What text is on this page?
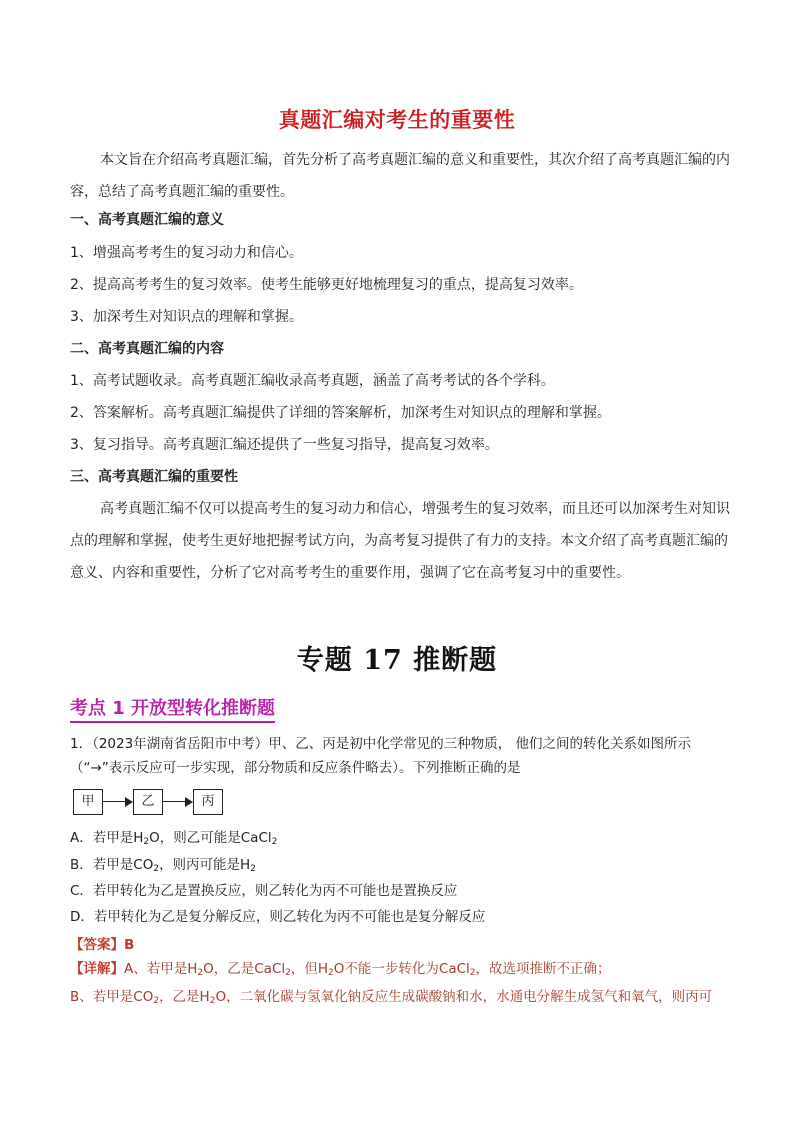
真题汇编对考生的重要性

本文旨在介绍高考真题汇编，首先分析了高考真题汇编的意义和重要性，其次介绍了高考真题汇编的内容，总结了高考真题汇编的重要性。

一、高考真题汇编的意义

1、增强高考考生的复习动力和信心。

2、提高高考考生的复习效率。使考生能够更好地梳理复习的重点，提高复习效率。

3、加深考生对知识点的理解和掌握。

二、高考真题汇编的内容

1、高考试题收录。高考真题汇编收录高考真题，涵盖了高考考试的各个学科。

2、答案解析。高考真题汇编提供了详细的答案解析，加深考生对知识点的理解和掌握。

3、复习指导。高考真题汇编还提供了一些复习指导，提高复习效率。

三、高考真题汇编的重要性

高考真题汇编不仅可以提高考生的复习动力和信心，增强考生的复习效率，而且还可以加深考生对知识点的理解和掌握，使考生更好地把握考试方向，为高考复习提供了有力的支持。本文介绍了高考真题汇编的意义、内容和重要性，分析了它对高考考生的重要作用，强调了它在高考复习中的重要性。

专题 17 推断题
考点 1 开放型转化推断题
1．（2023年湖南省岳阳市中考）甲、乙、丙是初中化学常见的三种物质， 他们之间的转化关系如图所示
（“→”表示反应可一步实现，部分物质和反应条件略去）。下列推断正确的是
甲	乙	丙
A．若甲是$H_2O$，则乙可能是CaCl$_2$
B．若甲是$CO_2$，则丙可能是$H_2$
C．若甲转化为乙是置换反应，则乙转化为丙不可能也是置换反应
D．若甲转化为乙是复分解反应，则乙转化为丙不可能也是复分解反应
【答案】B
【详解】A、若甲是$H_2O$，乙是CaCl$_2$，但$H_2O$不能一步转化为CaCl$_2$，故选项推断不正确；
B、若甲是$CO_2$，乙是$H_2O$，二氧化碳与氢氧化钠反应生成碳酸钠和水，水通电分解生成氢气和氧气，则丙可
